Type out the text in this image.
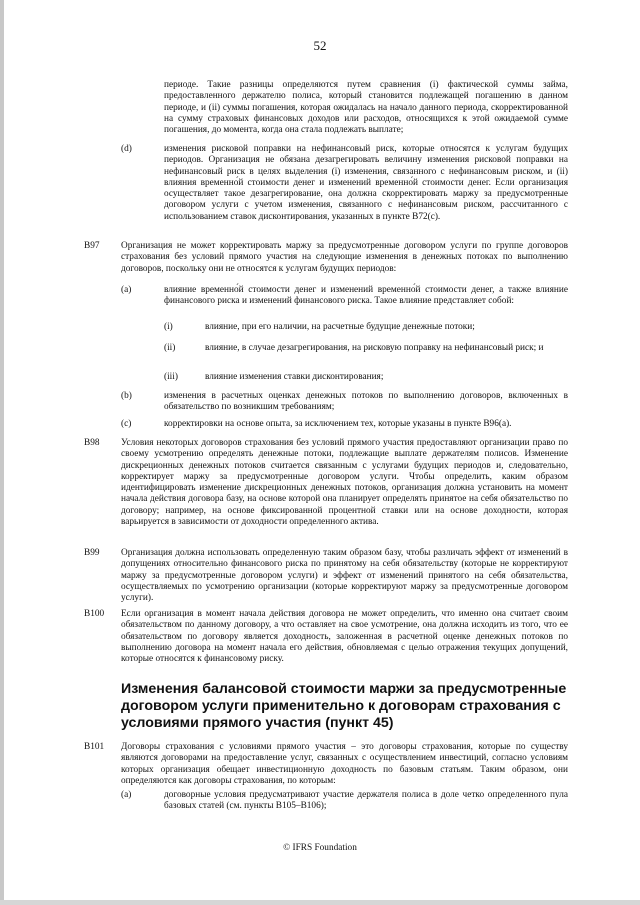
52
периоде. Такие разницы определяются путем сравнения (i) фактической суммы займа, предоставленного держателю полиса, который становится подлежащей погашению в данном периоде, и (ii) суммы погашения, которая ожидалась на начало данного периода, скорректированной на сумму страховых финансовых доходов или расходов, относящихся к этой ожидаемой сумме погашения, до момента, когда она стала подлежать выплате;
(d)	изменения рисковой поправки на нефинансовый риск, которые относятся к услугам будущих периодов. Организация не обязана дезагрегировать величину изменения рисковой поправки на нефинансовый риск в целях выделения (i) изменения, связанного с нефинансовым риском, и (ii) влияния временно́й стоимости денег и изменений временно́й стоимости денег. Если организация осуществляет такое дезагрегирование, она должна скорректировать маржу за предусмотренные договором услуги с учетом изменения, связанного с нефинансовым риском, рассчитанного с использованием ставок дисконтирования, указанных в пункте B72(c).
B97 Организация не может корректировать маржу за предусмотренные договором услуги по группе договоров страхования без условий прямого участия на следующие изменения в денежных потоках по выполнению договоров, поскольку они не относятся к услугам будущих периодов:
(a)	влияние временно́й стоимости денег и изменений временно́й стоимости денег, а также влияние финансового риска и изменений финансового риска. Такое влияние представляет собой:
(i)	влияние, при его наличии, на расчетные будущие денежные потоки;
(ii)	влияние, в случае дезагрегирования, на рисковую поправку на нефинансовый риск; и
(iii)	влияние изменения ставки дисконтирования;
(b)	изменения в расчетных оценках денежных потоков по выполнению договоров, включенных в обязательство по возникшим требованиям;
(c)	корректировки на основе опыта, за исключением тех, которые указаны в пункте B96(a).
B98 Условия некоторых договоров страхования без условий прямого участия предоставляют организации право по своему усмотрению определять денежные потоки, подлежащие выплате держателям полисов. Изменение дискреционных денежных потоков считается связанным с услугами будущих периодов и, следовательно, корректирует маржу за предусмотренные договором услуги. Чтобы определить, каким образом идентифицировать изменение дискреционных денежных потоков, организация должна установить на момент начала действия договора базу, на основе которой она планирует определять принятое на себя обязательство по договору; например, на основе фиксированной процентной ставки или на основе доходности, которая варьируется в зависимости от доходности определенного актива.
B99 Организация должна использовать определенную таким образом базу, чтобы различать эффект от изменений в допущениях относительно финансового риска по принятому на себя обязательству (которые не корректируют маржу за предусмотренные договором услуги) и эффект от изменений принятого на себя обязательства, осуществляемых по усмотрению организации (которые корректируют маржу за предусмотренные договором услуги).
B100 Если организация в момент начала действия договора не может определить, что именно она считает своим обязательством по данному договору, а что оставляет на свое усмотрение, она должна исходить из того, что ее обязательством по договору является доходность, заложенная в расчетной оценке денежных потоков по выполнению договора на момент начала его действия, обновляемая с целью отражения текущих допущений, которые относятся к финансовому риску.
Изменения балансовой стоимости маржи за предусмотренные договором услуги применительно к договорам страхования с условиями прямого участия (пункт 45)
B101 Договоры страхования с условиями прямого участия – это договоры страхования, которые по существу являются договорами на предоставление услуг, связанных с осуществлением инвестиций, согласно условиям которых организация обещает инвестиционную доходность по базовым статьям. Таким образом, они определяются как договоры страхования, по которым:
(a)	договорные условия предусматривают участие держателя полиса в доле четко определенного пула базовых статей (см. пункты B105–B106);
© IFRS Foundation
